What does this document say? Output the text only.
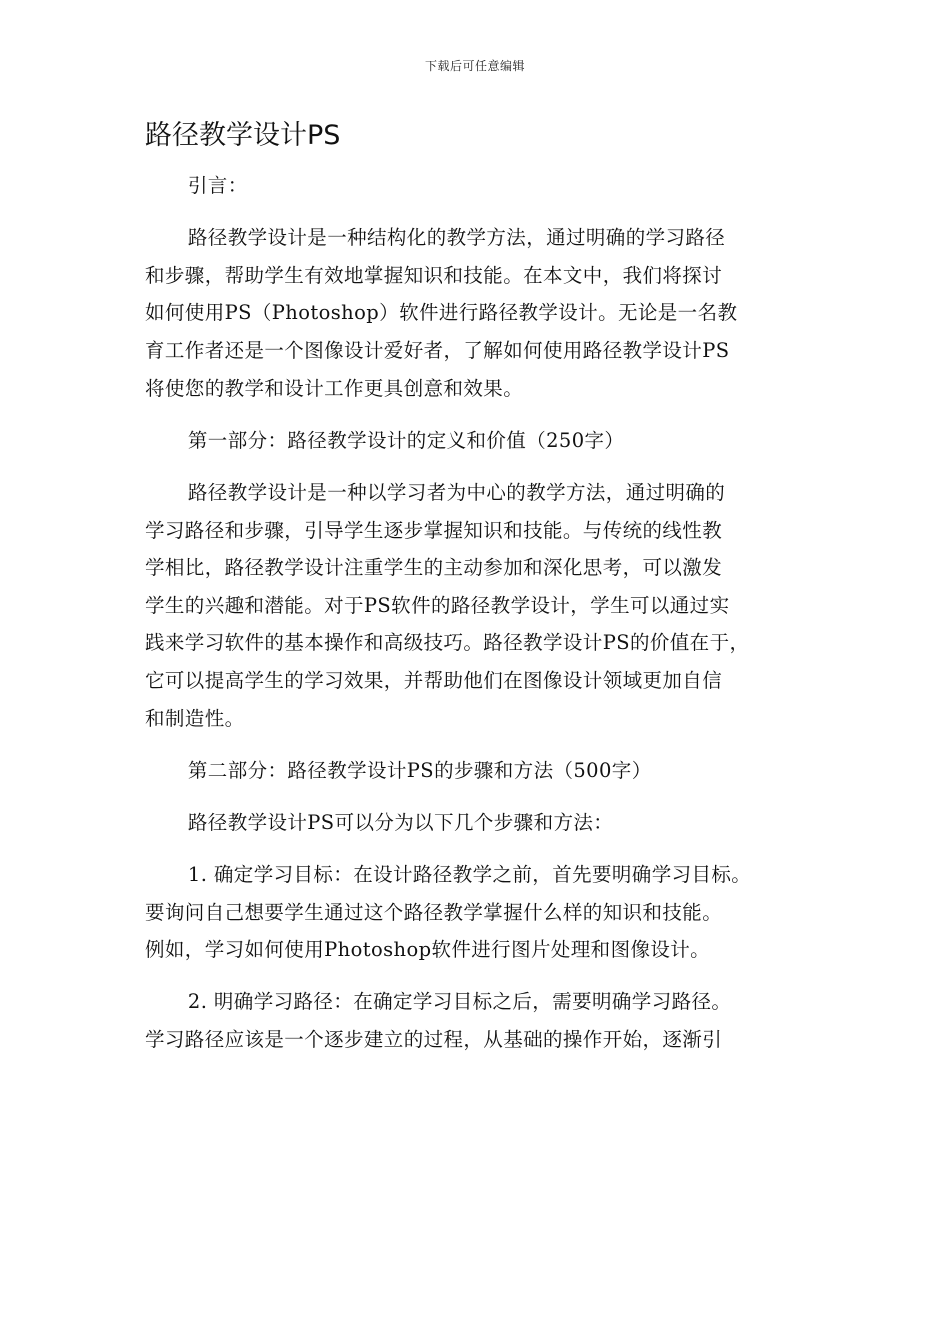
下载后可任意编辑
路径教学设计PS
引言：
路径教学设计是一种结构化的教学方法，通过明确的学习路径
和步骤，帮助学生有效地掌握知识和技能。在本文中，我们将探讨
如何使用PS（Photoshop）软件进行路径教学设计。无论是一名教
育工作者还是一个图像设计爱好者，了解如何使用路径教学设计PS
将使您的教学和设计工作更具创意和效果。
第一部分：路径教学设计的定义和价值（250字）
路径教学设计是一种以学习者为中心的教学方法，通过明确的
学习路径和步骤，引导学生逐步掌握知识和技能。与传统的线性教
学相比，路径教学设计注重学生的主动参加和深化思考，可以激发
学生的兴趣和潜能。对于PS软件的路径教学设计，学生可以通过实
践来学习软件的基本操作和高级技巧。路径教学设计PS的价值在于，
它可以提高学生的学习效果，并帮助他们在图像设计领域更加自信
和制造性。
第二部分：路径教学设计PS的步骤和方法（500字）
路径教学设计PS可以分为以下几个步骤和方法：
1. 确定学习目标：在设计路径教学之前，首先要明确学习目标。
要询问自己想要学生通过这个路径教学掌握什么样的知识和技能。
例如，学习如何使用Photoshop软件进行图片处理和图像设计。
2. 明确学习路径：在确定学习目标之后，需要明确学习路径。
学习路径应该是一个逐步建立的过程，从基础的操作开始，逐渐引
